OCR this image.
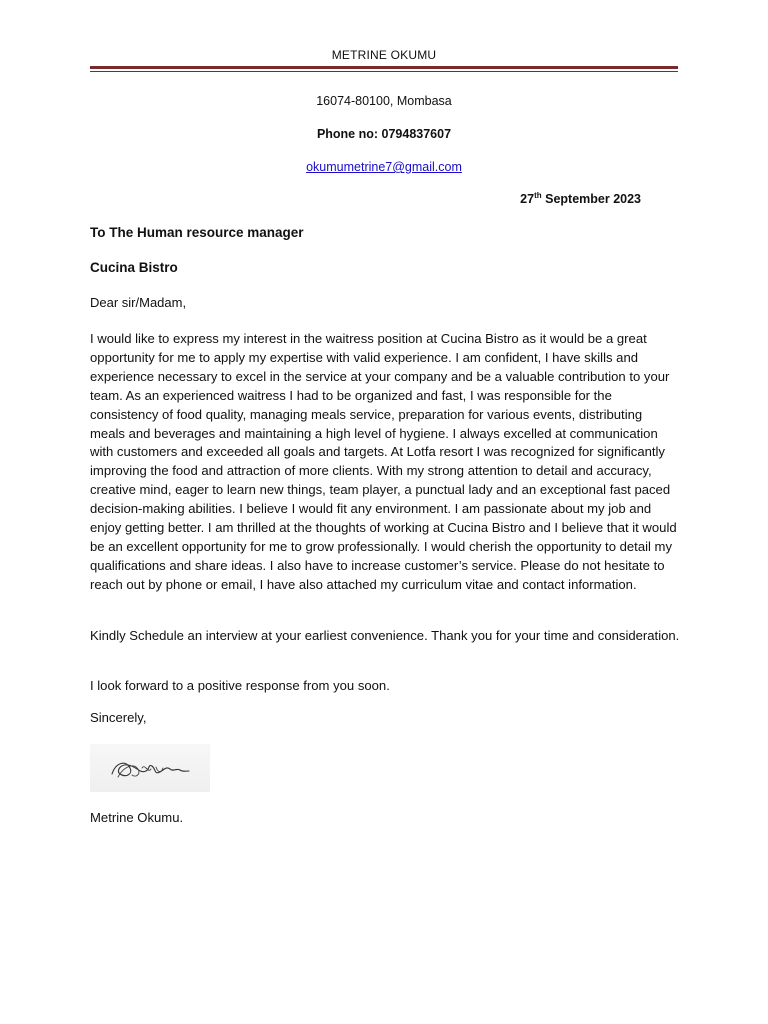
METRINE OKUMU
16074-80100, Mombasa
Phone no: 0794837607
okumumetrine7@gmail.com
27th September 2023
To The Human resource manager
Cucina Bistro
Dear sir/Madam,
I would like to express my interest in the waitress position at Cucina Bistro as it would be a great opportunity for me to apply my expertise with valid experience. I am confident, I have skills and experience necessary to excel in the service at your company and be a valuable contribution to your team. As an experienced waitress I had to be organized and fast, I was responsible for the consistency of food quality, managing meals service, preparation for various events, distributing meals and beverages and maintaining a high level of hygiene. I always excelled at communication with customers and exceeded all goals and targets. At Lotfa resort I was recognized for significantly improving the food and attraction of more clients. With my strong attention to detail and accuracy, creative mind, eager to learn new things, team player, a punctual lady and an exceptional fast paced decision-making abilities. I believe I would fit any environment. I am passionate about my job and enjoy getting better. I am thrilled at the thoughts of working at Cucina Bistro and I believe that it would be an excellent opportunity for me to grow professionally. I would cherish the opportunity to detail my qualifications and share ideas. I also have to increase customer’s service. Please do not hesitate to reach out by phone or email, I have also attached my curriculum vitae and contact information.
Kindly Schedule an interview at your earliest convenience. Thank you for your time and consideration.
I look forward to a positive response from you soon.
Sincerely,
Metrine Okumu.
